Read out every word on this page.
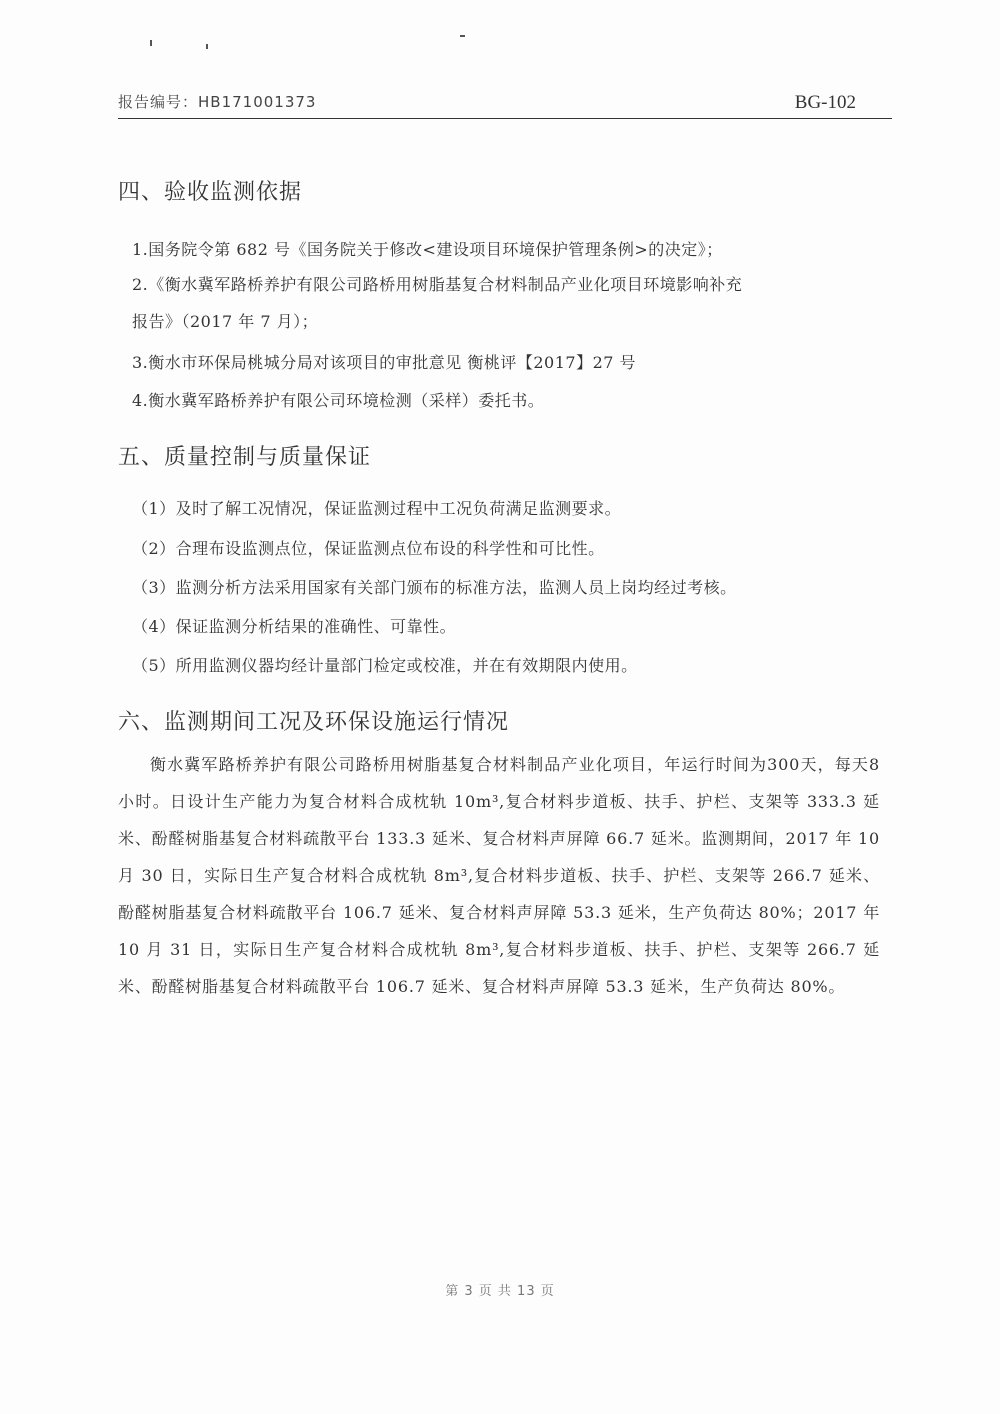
报告编号：HB171001373	BG-102
四、验收监测依据
1.国务院令第 682 号《国务院关于修改<建设项目环境保护管理条例>的决定》；
2.《衡水冀军路桥养护有限公司路桥用树脂基复合材料制品产业化项目环境影响补充
报告》（2017 年 7 月）；
3.衡水市环保局桃城分局对该项目的审批意见 衡桃评【2017】27 号
4.衡水冀军路桥养护有限公司环境检测（采样）委托书。
五、质量控制与质量保证
（1）及时了解工况情况，保证监测过程中工况负荷满足监测要求。
（2）合理布设监测点位，保证监测点位布设的科学性和可比性。
（3）监测分析方法采用国家有关部门颁布的标准方法，监测人员上岗均经过考核。
（4）保证监测分析结果的准确性、可靠性。
（5）所用监测仪器均经计量部门检定或校准，并在有效期限内使用。
六、监测期间工况及环保设施运行情况
衡水冀军路桥养护有限公司路桥用树脂基复合材料制品产业化项目，年运行时间为300天，每天8小时。日设计生产能力为复合材料合成枕轨 10m³,复合材料步道板、扶手、护栏、支架等 333.3 延米、酚醛树脂基复合材料疏散平台 133.3 延米、复合材料声屏障 66.7 延米。监测期间，2017 年 10 月 30 日，实际日生产复合材料合成枕轨 8m³,复合材料步道板、扶手、护栏、支架等 266.7 延米、酚醛树脂基复合材料疏散平台 106.7 延米、复合材料声屏障 53.3 延米，生产负荷达 80%；2017 年 10 月 31 日，实际日生产复合材料合成枕轨 8m³,复合材料步道板、扶手、护栏、支架等 266.7 延米、酚醛树脂基复合材料疏散平台 106.7 延米、复合材料声屏障 53.3 延米，生产负荷达 80%。
第 3 页 共 13 页
